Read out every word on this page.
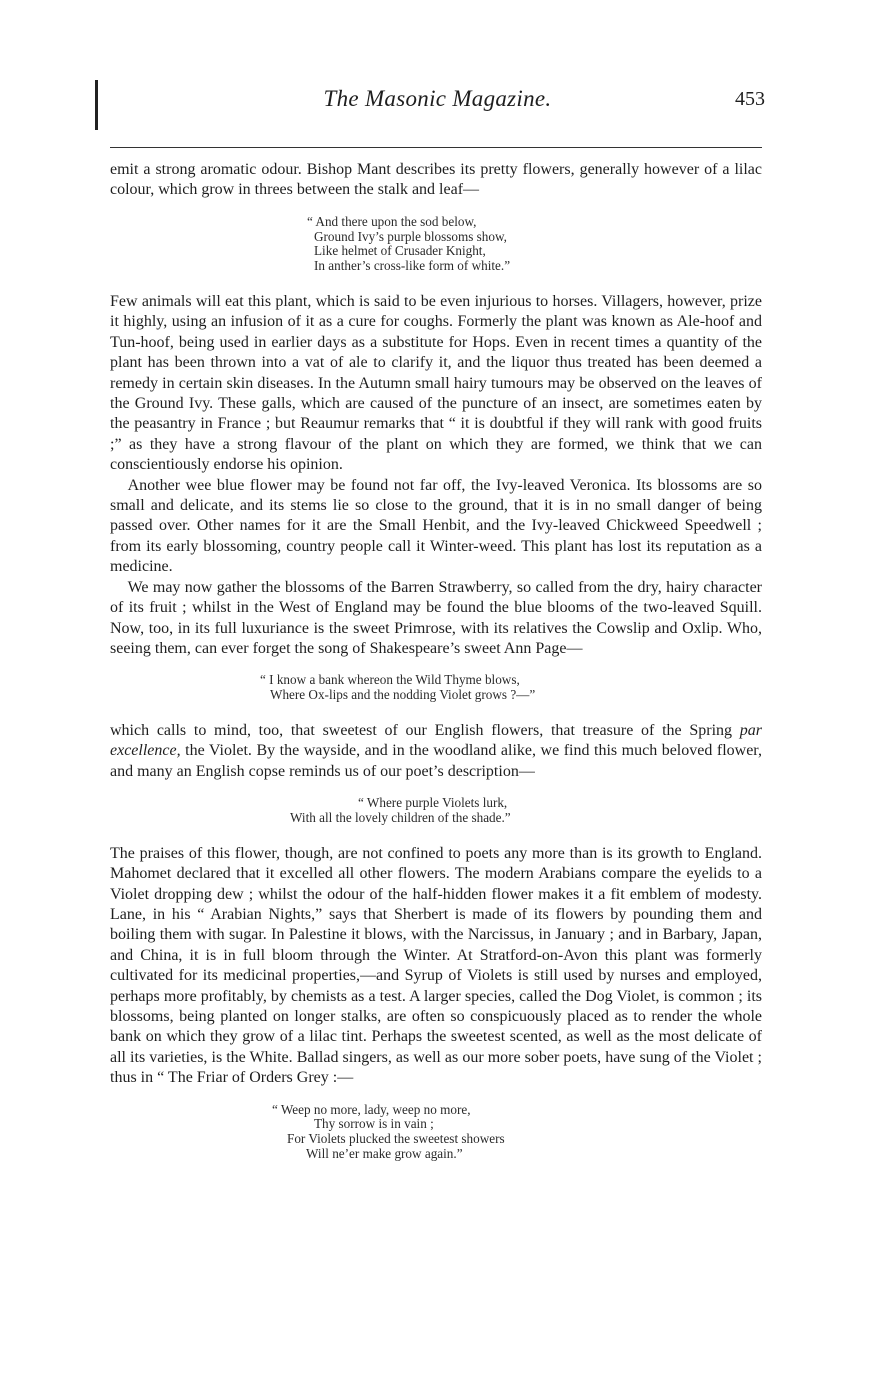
The Masonic Magazine.	453

emit a strong aromatic odour. Bishop Mant describes its pretty flowers, generally however of a lilac colour, which grow in threes between the stalk and leaf—

“ And there upon the sod below,
Ground Ivy’s purple blossoms show,
Like helmet of Crusader Knight,
In anther’s cross-like form of white.”

Few animals will eat this plant, which is said to be even injurious to horses. Villagers, however, prize it highly, using an infusion of it as a cure for coughs. Formerly the plant was known as Ale-hoof and Tun-hoof, being used in earlier days as a substitute for Hops. Even in recent times a quantity of the plant has been thrown into a vat of ale to clarify it, and the liquor thus treated has been deemed a remedy in certain skin diseases. In the Autumn small hairy tumours may be observed on the leaves of the Ground Ivy. These galls, which are caused of the puncture of an insect, are sometimes eaten by the peasantry in France ; but Reaumur remarks that “ it is doubtful if they will rank with good fruits ;” as they have a strong flavour of the plant on which they are formed, we think that we can conscientiously endorse his opinion.

Another wee blue flower may be found not far off, the Ivy-leaved Veronica. Its blossoms are so small and delicate, and its stems lie so close to the ground, that it is in no small danger of being passed over. Other names for it are the Small Henbit, and the Ivy-leaved Chickweed Speedwell ; from its early blossoming, country people call it Winter-weed. This plant has lost its reputation as a medicine.

We may now gather the blossoms of the Barren Strawberry, so called from the dry, hairy character of its fruit ; whilst in the West of England may be found the blue blooms of the two-leaved Squill. Now, too, in its full luxuriance is the sweet Primrose, with its relatives the Cowslip and Oxlip. Who, seeing them, can ever forget the song of Shakespeare’s sweet Ann Page—

“ I know a bank whereon the Wild Thyme blows,
Where Ox-lips and the nodding Violet grows ?—”

which calls to mind, too, that sweetest of our English flowers, that treasure of the Spring par excellence, the Violet. By the wayside, and in the woodland alike, we find this much beloved flower, and many an English copse reminds us of our poet’s description—

“ Where purple Violets lurk,
With all the lovely children of the shade.”

The praises of this flower, though, are not confined to poets any more than is its growth to England. Mahomet declared that it excelled all other flowers. The modern Arabians compare the eyelids to a Violet dropping dew ; whilst the odour of the half-hidden flower makes it a fit emblem of modesty. Lane, in his “ Arabian Nights,” says that Sherbert is made of its flowers by pounding them and boiling them with sugar. In Palestine it blows, with the Narcissus, in January ; and in Barbary, Japan, and China, it is in full bloom through the Winter. At Stratford-on-Avon this plant was formerly cultivated for its medicinal properties,—and Syrup of Violets is still used by nurses and employed, perhaps more profitably, by chemists as a test. A larger species, called the Dog Violet, is common ; its blossoms, being planted on longer stalks, are often so conspicuously placed as to render the whole bank on which they grow of a lilac tint. Perhaps the sweetest scented, as well as the most delicate of all its varieties, is the White. Ballad singers, as well as our more sober poets, have sung of the Violet ; thus in “ The Friar of Orders Grey :—

“ Weep no more, lady, weep no more,
Thy sorrow is in vain ;
For Violets plucked the sweetest showers
Will ne’er make grow again.”
